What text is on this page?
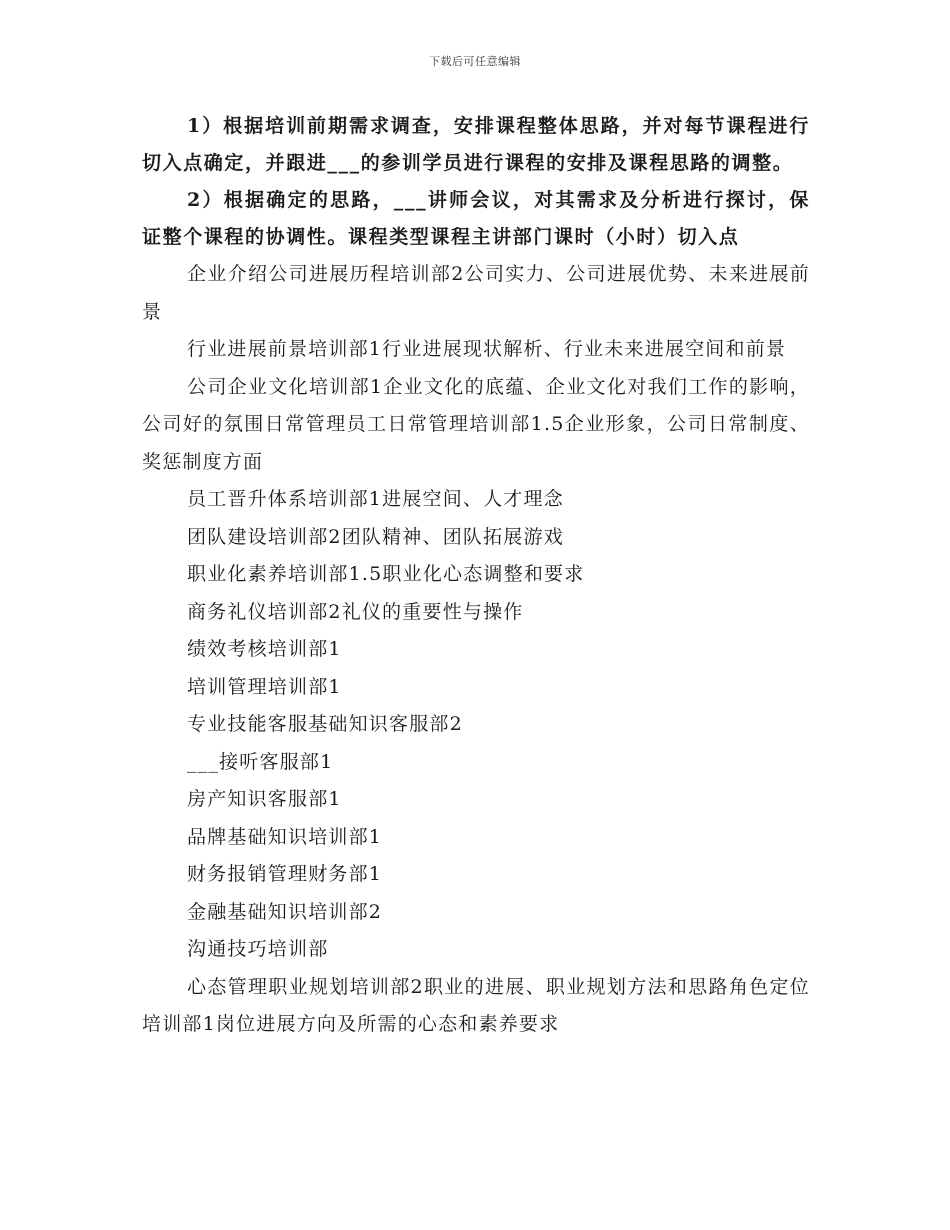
下载后可任意编辑

1）根据培训前期需求调查，安排课程整体思路，并对每节课程进行切入点确定，并跟进___的参训学员进行课程的安排及课程思路的调整。

2）根据确定的思路，___讲师会议，对其需求及分析进行探讨，保证整个课程的协调性。课程类型课程主讲部门课时（小时）切入点

企业介绍公司进展历程培训部2公司实力、公司进展优势、未来进展前景

行业进展前景培训部1行业进展现状解析、行业未来进展空间和前景

公司企业文化培训部1企业文化的底蕴、企业文化对我们工作的影响，公司好的氛围日常管理员工日常管理培训部1.5企业形象，公司日常制度、奖惩制度方面

员工晋升体系培训部1进展空间、人才理念

团队建设培训部2团队精神、团队拓展游戏

职业化素养培训部1.5职业化心态调整和要求

商务礼仪培训部2礼仪的重要性与操作

绩效考核培训部1

培训管理培训部1

专业技能客服基础知识客服部2

___接听客服部1

房产知识客服部1

品牌基础知识培训部1

财务报销管理财务部1

金融基础知识培训部2

沟通技巧培训部

心态管理职业规划培训部2职业的进展、职业规划方法和思路角色定位培训部1岗位进展方向及所需的心态和素养要求
